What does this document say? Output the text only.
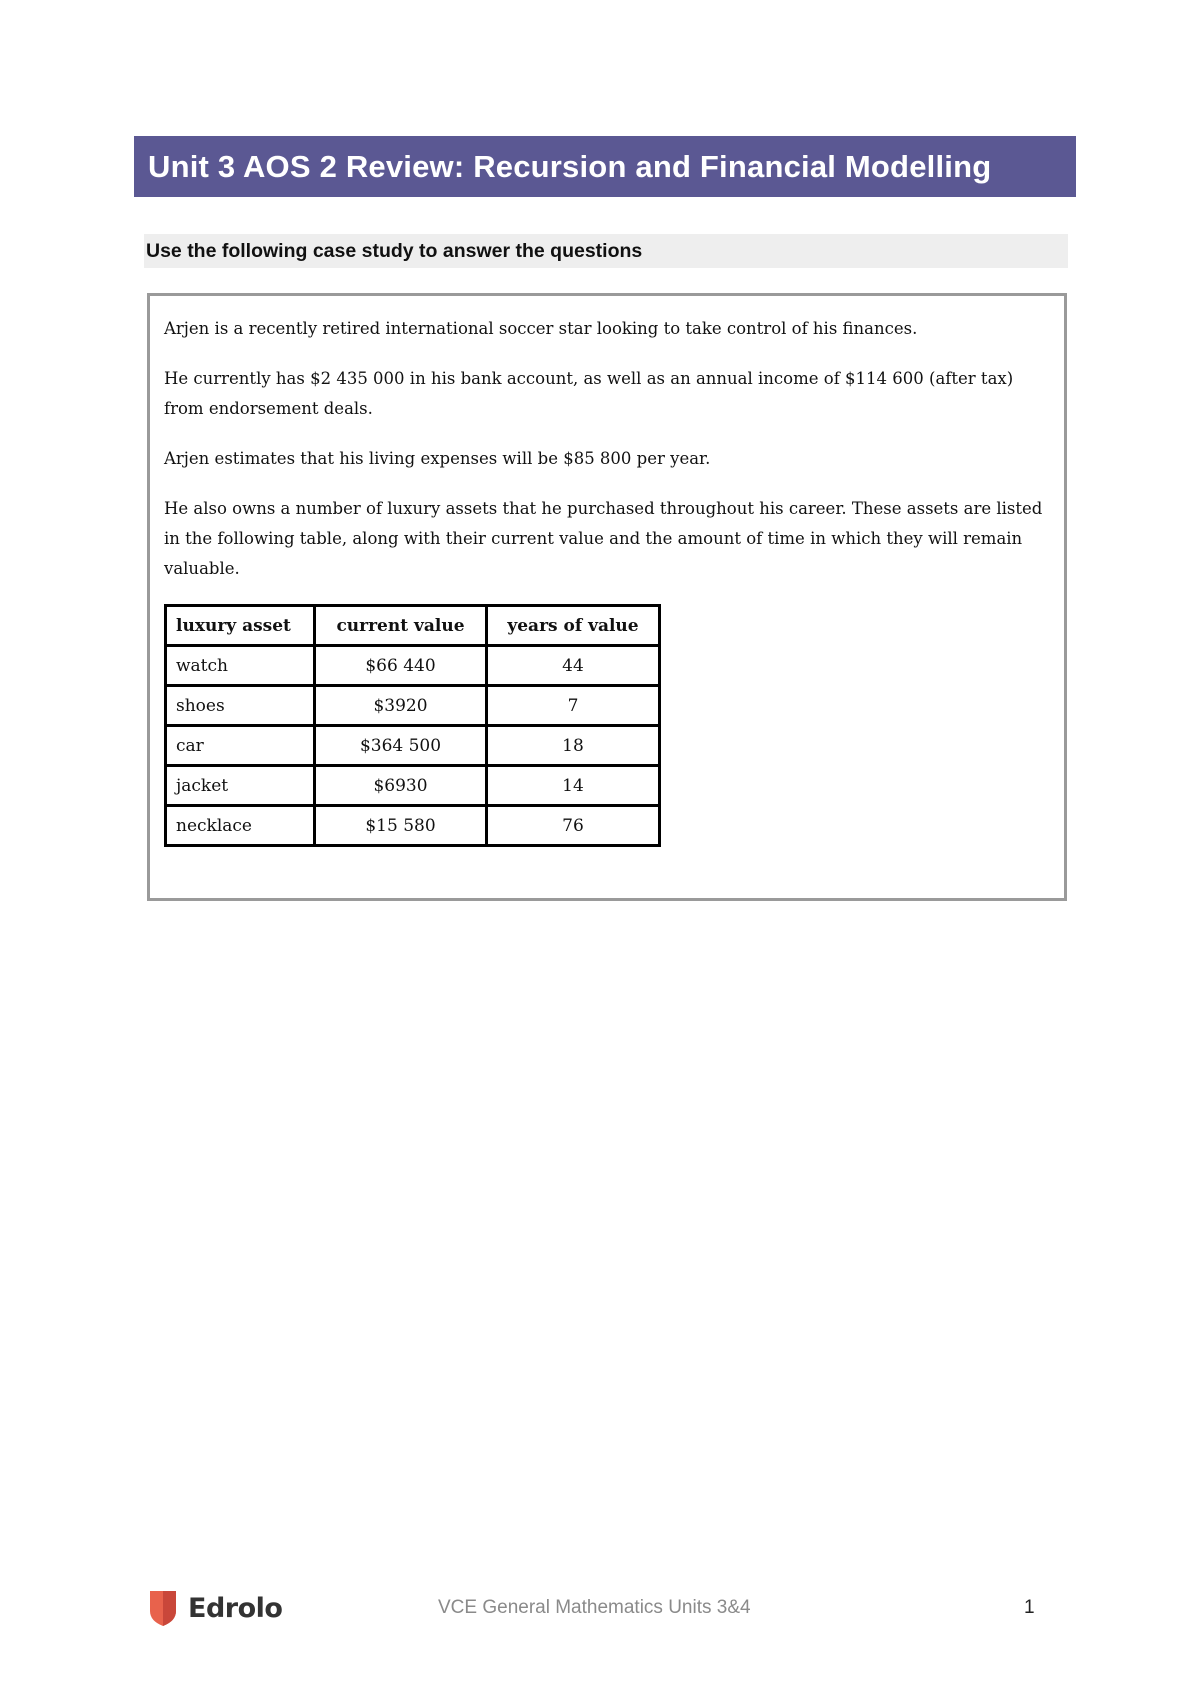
Unit 3 AOS 2 Review: Recursion and Financial Modelling
Use the following case study to answer the questions

Arjen is a recently retired international soccer star looking to take control of his finances.

He currently has $2 435 000 in his bank account, as well as an annual income of $114 600 (after tax) from endorsement deals.

Arjen estimates that his living expenses will be $85 800 per year.

He also owns a number of luxury assets that he purchased throughout his career. These assets are listed in the following table, along with their current value and the amount of time in which they will remain valuable.

luxury asset	current value	years of value
watch	$66 440	44
shoes	$3920	7
car	$364 500	18
jacket	$6930	14
necklace	$15 580	76
Edrolo	VCE General Mathematics Units 3&4	1
